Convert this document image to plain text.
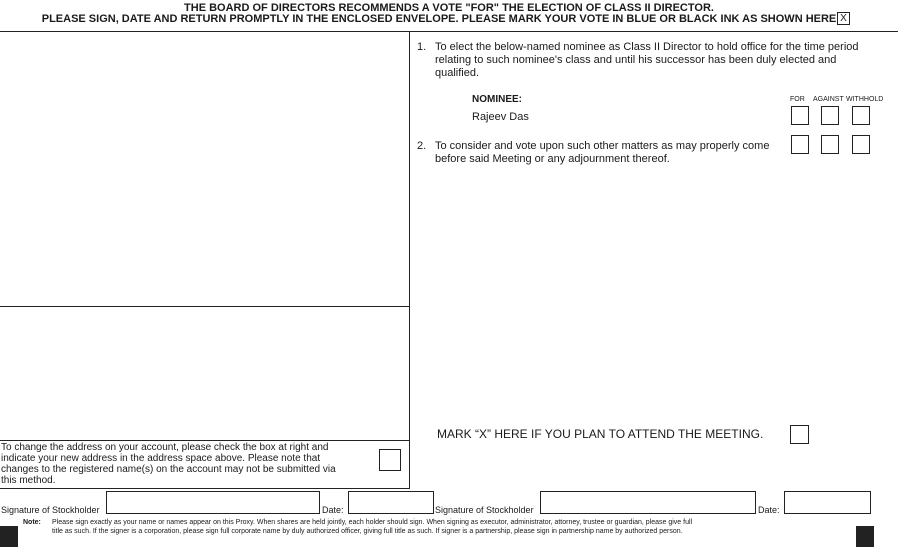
THE BOARD OF DIRECTORS RECOMMENDS A VOTE "FOR" THE ELECTION OF CLASS II DIRECTOR.
PLEASE SIGN, DATE AND RETURN PROMPTLY IN THE ENCLOSED ENVELOPE. PLEASE MARK YOUR VOTE IN BLUE OR BLACK INK AS SHOWN HERE X
1. To elect the below-named nominee as Class II Director to hold office for the time period
relating to such nominee's class and until his successor has been duly elected and
qualified.
NOMINEE:
Rajeev Das
FOR AGAINST WITHHOLD
2. To consider and vote upon such other matters as may properly come
before said Meeting or any adjournment thereof.
MARK “X” HERE IF YOU PLAN TO ATTEND THE MEETING.
To change the address on your account, please check the box at right and
indicate your new address in the address space above. Please note that
changes to the registered name(s) on the account may not be submitted via
this method.
Signature of Stockholder	Date:	Signature of Stockholder	Date:
Note: Please sign exactly as your name or names appear on this Proxy. When shares are held jointly, each holder should sign. When signing as executor, administrator, attorney, trustee or guardian, please give full
title as such. If the signer is a corporation, please sign full corporate name by duly authorized officer, giving full title as such. If signer is a partnership, please sign in partnership name by authorized person.
